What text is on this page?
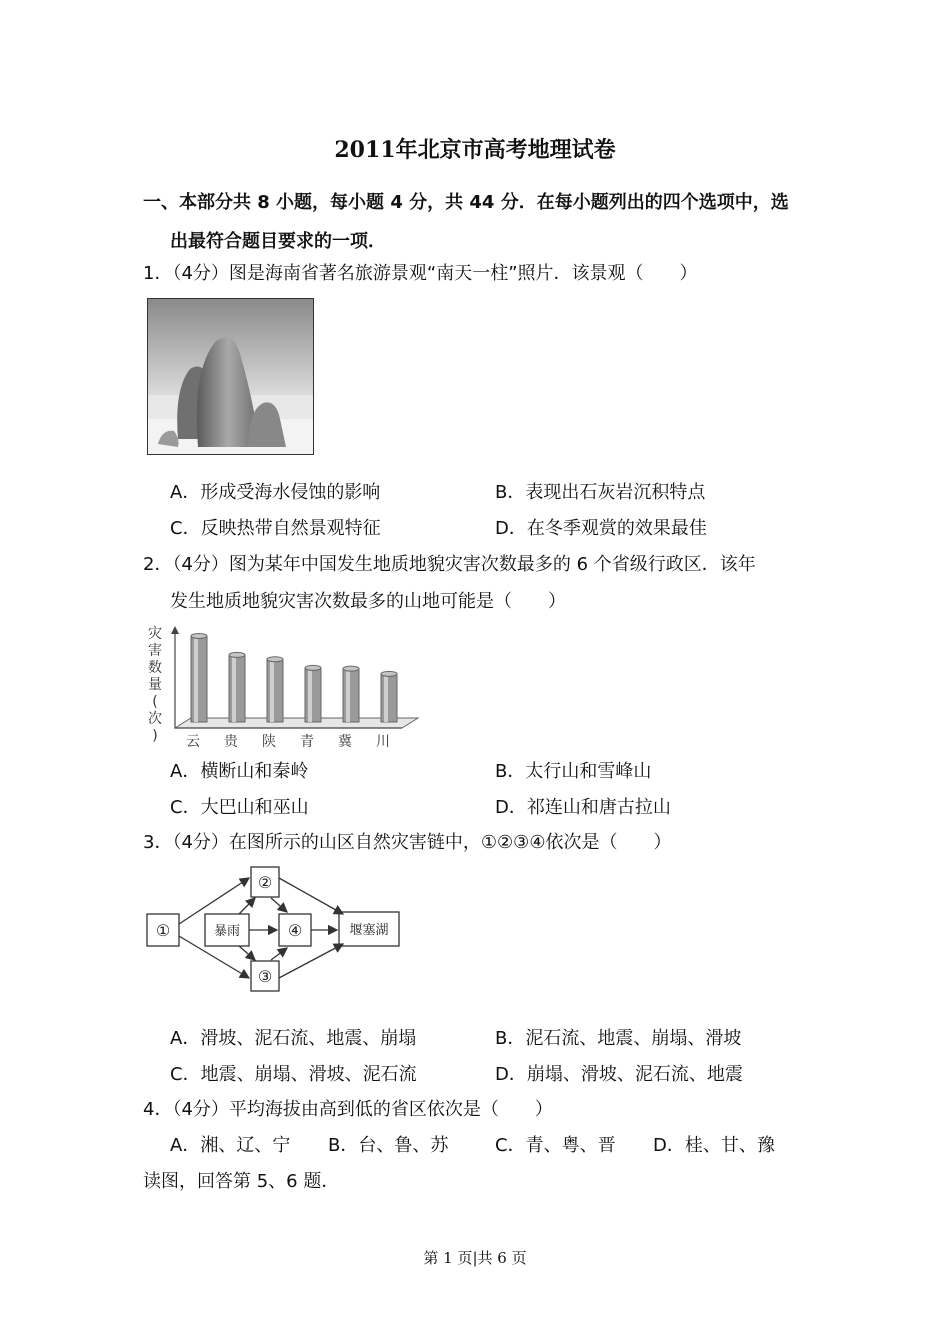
2011年北京市高考地理试卷
一、本部分共 8 小题，每小题 4 分，共 44 分．在每小题列出的四个选项中，选
出最符合题目要求的一项．
1．（4分）图是海南省著名旅游景观“南天一柱”照片．该景观（　　）
A．形成受海水侵蚀的影响	B．表现出石灰岩沉积特点
C．反映热带自然景观特征	D．在冬季观赏的效果最佳
2．（4分）图为某年中国发生地质地貌灾害次数最多的 6 个省级行政区．该年
发生地质地貌灾害次数最多的山地可能是（　　）
灾
害
数
量
(
次
) 云 贵 陕 青 冀 川
A．横断山和秦岭	B．太行山和雪峰山
C．大巴山和巫山	D．祁连山和唐古拉山
3．（4分）在图所示的山区自然灾害链中，①②③④依次是（　　）
①	暴雨
②
③
④	堰塞湖
A．滑坡、泥石流、地震、崩塌	B．泥石流、地震、崩塌、滑坡
C．地震、崩塌、滑坡、泥石流	D．崩塌、滑坡、泥石流、地震
4．（4分）平均海拔由高到低的省区依次是（　　）
A．湘、辽、宁 B．台、鲁、苏	C．青、粤、晋 D．桂、甘、豫
读图，回答第 5、6 题．
第 1 页|共 6 页
